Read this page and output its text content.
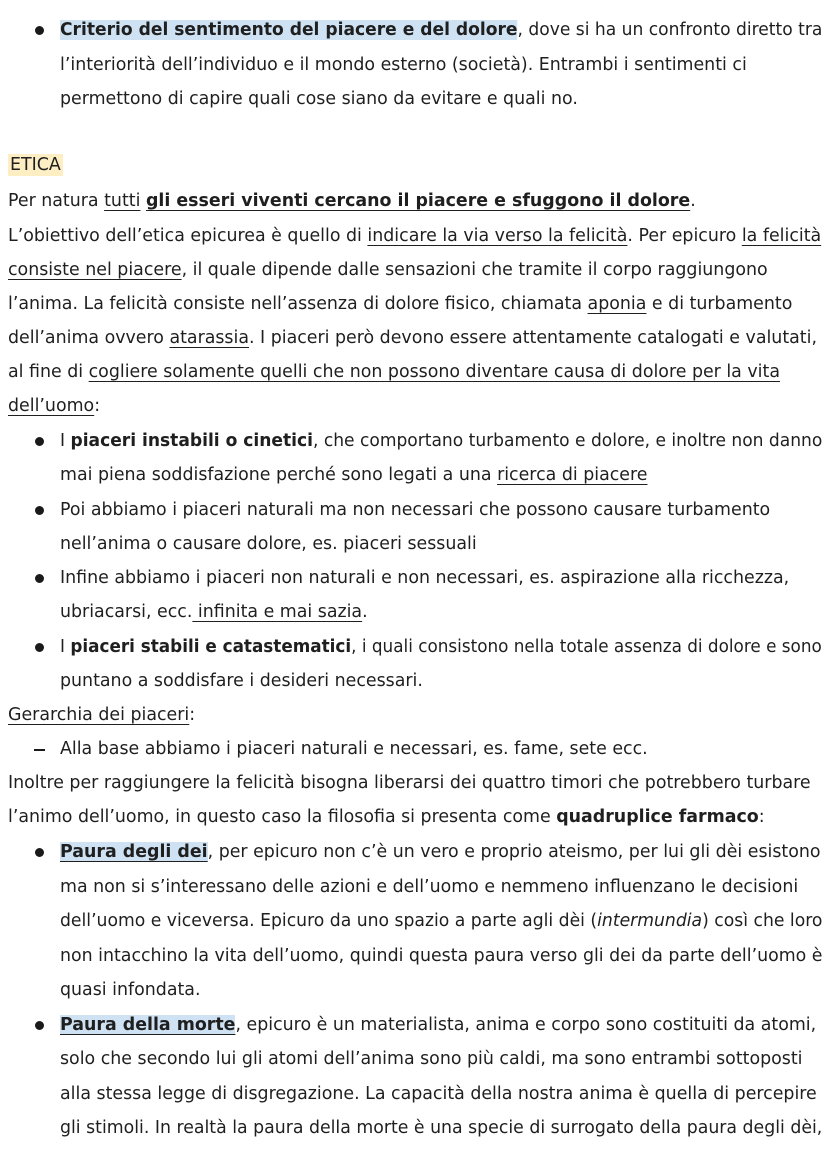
Criterio del sentimento del piacere e del dolore, dove si ha un confronto diretto tra
l’interiorità dell’individuo e il mondo esterno (società). Entrambi i sentimenti ci
permettono di capire quali cose siano da evitare e quali no.
ETICA
Per natura tutti gli esseri viventi cercano il piacere e sfuggono il dolore.
L’obiettivo dell’etica epicurea è quello di indicare la via verso la felicità. Per epicuro la felicità
consiste nel piacere, il quale dipende dalle sensazioni che tramite il corpo raggiungono
l’anima. La felicità consiste nell’assenza di dolore fisico, chiamata aponia e di turbamento
dell’anima ovvero atarassia. I piaceri però devono essere attentamente catalogati e valutati,
al fine di cogliere solamente quelli che non possono diventare causa di dolore per la vita
dell’uomo:
I piaceri instabili o cinetici, che comportano turbamento e dolore, e inoltre non danno
mai piena soddisfazione perché sono legati a una ricerca di piacere
Poi abbiamo i piaceri naturali ma non necessari che possono causare turbamento
nell’anima o causare dolore, es. piaceri sessuali
Infine abbiamo i piaceri non naturali e non necessari, es. aspirazione alla ricchezza,
ubriacarsi, ecc. infinita e mai sazia.
I piaceri stabili e catastematici, i quali consistono nella totale assenza di dolore e sono
puntano a soddisfare i desideri necessari.
Gerarchia dei piaceri:
Alla base abbiamo i piaceri naturali e necessari, es. fame, sete ecc.
Inoltre per raggiungere la felicità bisogna liberarsi dei quattro timori che potrebbero turbare
l’animo dell’uomo, in questo caso la filosofia si presenta come quadruplice farmaco:
Paura degli dei, per epicuro non c’è un vero e proprio ateismo, per lui gli dèi esistono
ma non si s’interessano delle azioni e dell’uomo e nemmeno influenzano le decisioni
dell’uomo e viceversa. Epicuro da uno spazio a parte agli dèi (intermundia) così che loro
non intacchino la vita dell’uomo, quindi questa paura verso gli dei da parte dell’uomo è
quasi infondata.
Paura della morte, epicuro è un materialista, anima e corpo sono costituiti da atomi,
solo che secondo lui gli atomi dell’anima sono più caldi, ma sono entrambi sottoposti
alla stessa legge di disgregazione. La capacità della nostra anima è quella di percepire
gli stimoli. In realtà la paura della morte è una specie di surrogato della paura degli dèi,
